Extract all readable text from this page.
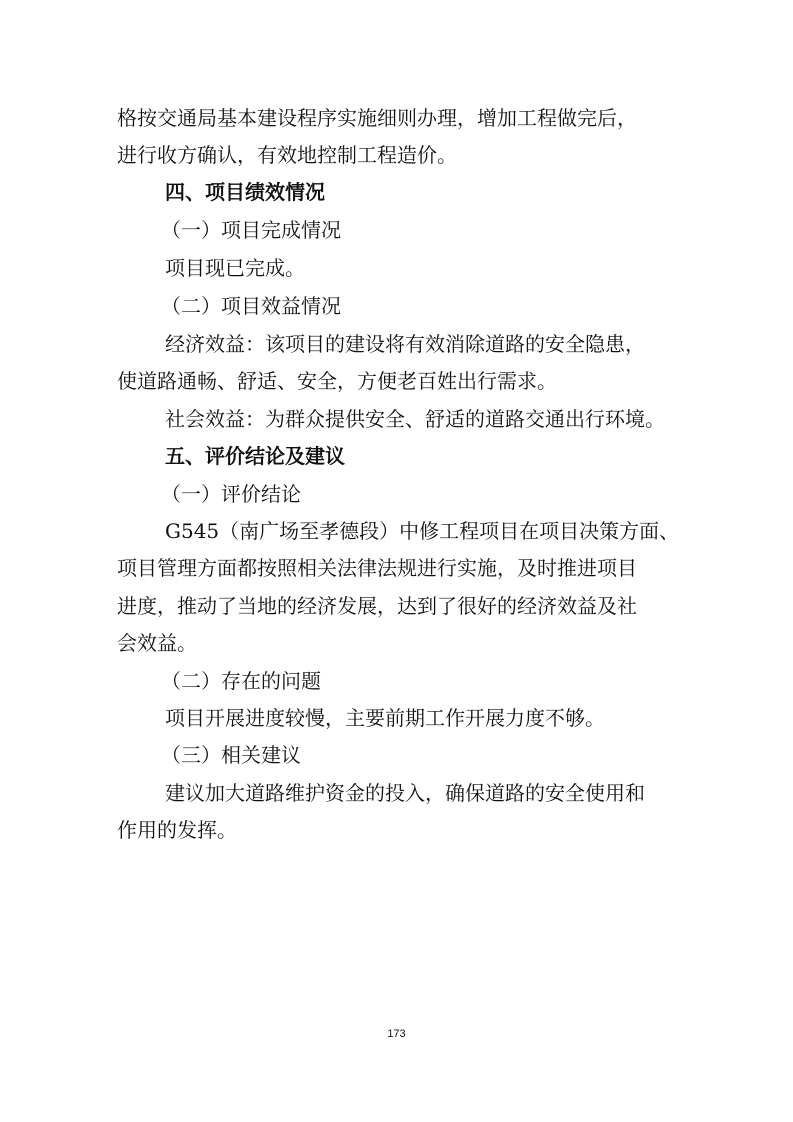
格按交通局基本建设程序实施细则办理，增加工程做完后，

进行收方确认，有效地控制工程造价。

四、项目绩效情况

（一）项目完成情况

项目现已完成。

（二）项目效益情况

经济效益：该项目的建设将有效消除道路的安全隐患，

使道路通畅、舒适、安全，方便老百姓出行需求。

社会效益：为群众提供安全、舒适的道路交通出行环境。

五、评价结论及建议

（一）评价结论

G545（南广场至孝德段）中修工程项目在项目决策方面、

项目管理方面都按照相关法律法规进行实施，及时推进项目

进度，推动了当地的经济发展，达到了很好的经济效益及社

会效益。

（二）存在的问题

项目开展进度较慢，主要前期工作开展力度不够。

（三）相关建议

建议加大道路维护资金的投入，确保道路的安全使用和

作用的发挥。

173
